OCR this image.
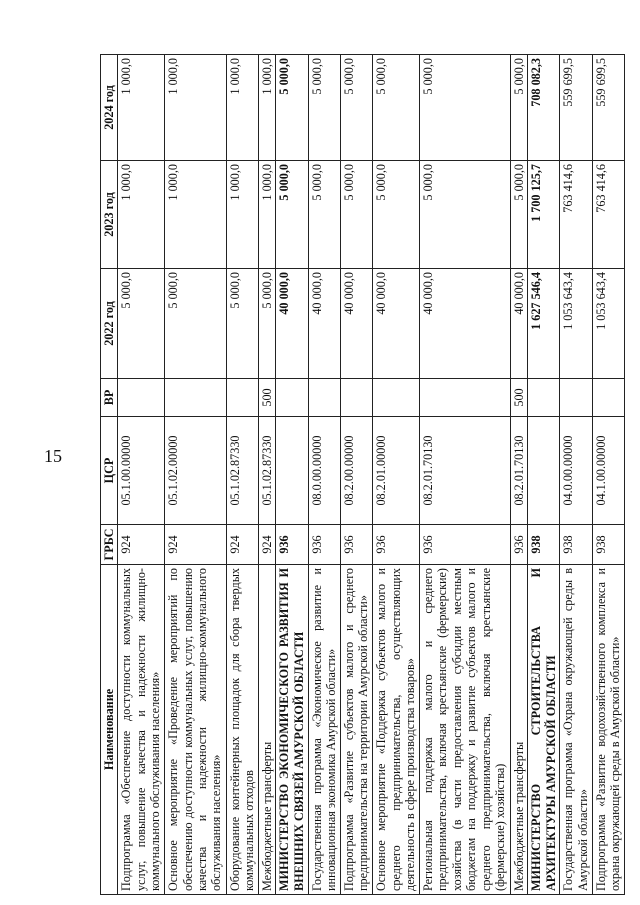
15
Наименование	ГРБС	ЦСР	ВР	2022 год	2023 год	2024 год
Подпрограмма «Обеспечение доступности коммунальных услуг, повышение качества и надежности жилищно-коммунального обслуживания населения»	924	05.1.00.00000		5 000,0	1 000,0	1 000,0
Основное мероприятие «Проведение мероприятий по обеспечению доступности коммунальных услуг, повышению качества и надежности жилищно-коммунального обслуживания населения»	924	05.1.02.00000		5 000,0	1 000,0	1 000,0
Оборудование контейнерных площадок для сбора твердых коммунальных отходов	924	05.1.02.87330		5 000,0	1 000,0	1 000,0
Межбюджетные трансферты	924	05.1.02.87330	500	5 000,0	1 000,0	1 000,0
МИНИСТЕРСТВО ЭКОНОМИЧЕСКОГО РАЗВИТИЯ И ВНЕШНИХ СВЯЗЕЙ АМУРСКОЙ ОБЛАСТИ	936			40 000,0	5 000,0	5 000,0
Государственная программа «Экономическое развитие и инновационная экономика Амурской области»	936	08.0.00.00000		40 000,0	5 000,0	5 000,0
Подпрограмма «Развитие субъектов малого и среднего предпринимательства на территории Амурской области»	936	08.2.00.00000		40 000,0	5 000,0	5 000,0
Основное мероприятие «Поддержка субъектов малого и среднего предпринимательства, осуществляющих деятельность в сфере производства товаров»	936	08.2.01.00000		40 000,0	5 000,0	5 000,0
Региональная поддержка малого и среднего предпринимательства, включая крестьянские (фермерские) хозяйства (в части предоставления субсидии местным бюджетам на поддержку и развитие субъектов малого и среднего предпринимательства, включая крестьянские (фермерские) хозяйства)	936	08.2.01.70130		40 000,0	5 000,0	5 000,0
Межбюджетные трансферты	936	08.2.01.70130	500	40 000,0	5 000,0	5 000,0
МИНИСТЕРСТВО СТРОИТЕЛЬСТВА И АРХИТЕКТУРЫ АМУРСКОЙ ОБЛАСТИ	938			1 627 546,4	1 700 125,7	708 082,3
Государственная программа «Охрана окружающей среды в Амурской области»	938	04.0.00.00000		1 053 643,4	763 414,6	559 699,5
Подпрограмма «Развитие водохозяйственного комплекса и охрана окружающей среды в Амурской области»	938	04.1.00.00000		1 053 643,4	763 414,6	559 699,5
